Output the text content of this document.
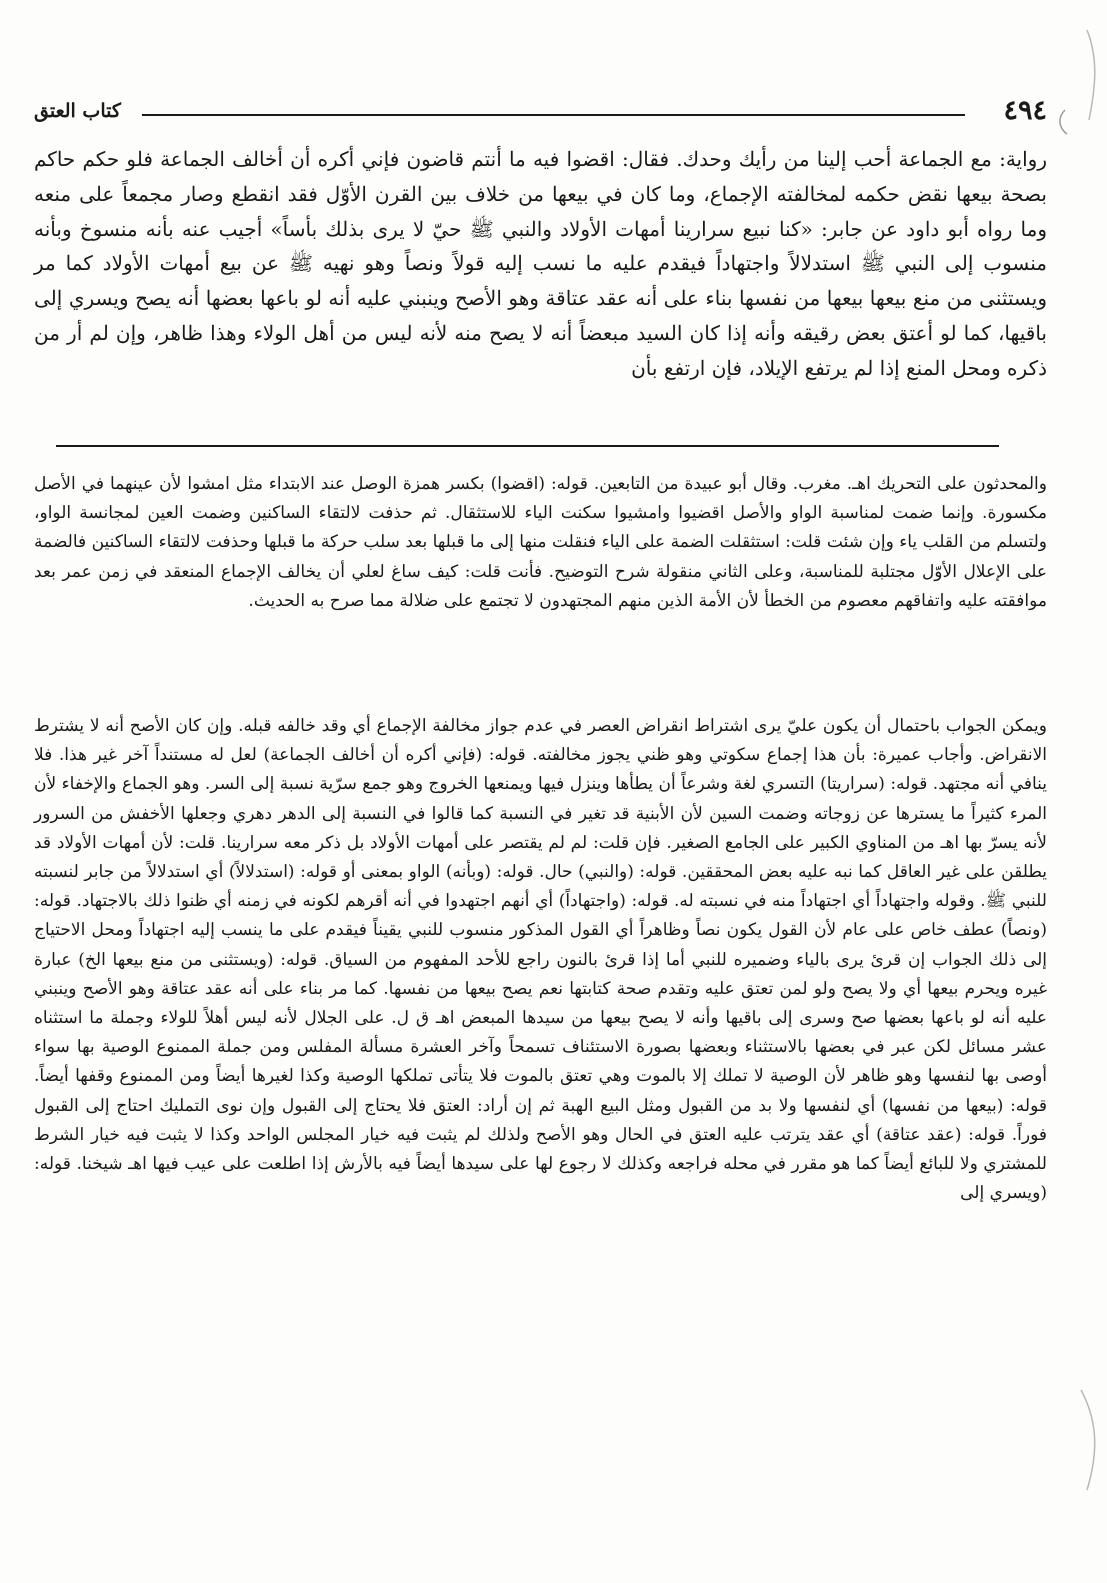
٤٩٤
كتاب العتق
رواية: مع الجماعة أحب إلينا من رأيك وحدك. فقال: اقضوا فيه ما أنتم قاضون فإني أكره أن أخالف الجماعة فلو حكم حاكم بصحة بيعها نقض حكمه لمخالفته الإجماع، وما كان في بيعها من خلاف بين القرن الأوّل فقد انقطع وصار مجمعاً على منعه وما رواه أبو داود عن جابر: «كنا نبيع سرارينا أمهات الأولاد والنبي ﷺ حيّ لا يرى بذلك بأساً» أجيب عنه بأنه منسوخ وبأنه منسوب إلى النبي ﷺ استدلالاً واجتهاداً فيقدم عليه ما نسب إليه قولاً ونصاً وهو نهيه ﷺ عن بيع أمهات الأولاد كما مر ويستثنى من منع بيعها بيعها من نفسها بناء على أنه عقد عتاقة وهو الأصح وينبني عليه أنه لو باعها بعضها أنه يصح ويسري إلى باقيها، كما لو أعتق بعض رقيقه وأنه إذا كان السيد مبعضاً أنه لا يصح منه لأنه ليس من أهل الولاء وهذا ظاهر، وإن لم أر من ذكره ومحل المنع إذا لم يرتفع الإيلاد، فإن ارتفع بأن

والمحدثون على التحريك اهـ. مغرب. وقال أبو عبيدة من التابعين. قوله: (اقضوا) بكسر همزة الوصل عند الابتداء مثل امشوا لأن عينهما في الأصل مكسورة. وإنما ضمت لمناسبة الواو والأصل اقضيوا وامشيوا سكنت الياء للاستثقال. ثم حذفت لالتقاء الساكنين وضمت العين لمجانسة الواو، ولتسلم من القلب ياء وإن شئت قلت: استثقلت الضمة على الياء فنقلت منها إلى ما قبلها بعد سلب حركة ما قبلها وحذفت لالتقاء الساكنين فالضمة على الإعلال الأوّل مجتلبة للمناسبة، وعلى الثاني منقولة شرح التوضيح. فأنت قلت: كيف ساغ لعلي أن يخالف الإجماع المنعقد في زمن عمر بعد موافقته عليه واتفاقهم معصوم من الخطأ لأن الأمة الذين منهم المجتهدون لا تجتمع على ضلالة مما صرح به الحديث.

ويمكن الجواب باحتمال أن يكون عليّ يرى اشتراط انقراض العصر في عدم جواز مخالفة الإجماع أي وقد خالفه قبله. وإن كان الأصح أنه لا يشترط الانقراض. وأجاب عميرة: بأن هذا إجماع سكوتي وهو ظني يجوز مخالفته. قوله: (فإني أكره أن أخالف الجماعة) لعل له مستنداً آخر غير هذا. فلا ينافي أنه مجتهد. قوله: (سراريتا) التسري لغة وشرعاً أن يطأها وينزل فيها ويمنعها الخروج وهو جمع سرّية نسبة إلى السر. وهو الجماع والإخفاء لأن المرء كثيراً ما يسترها عن زوجاته وضمت السين لأن الأبنية قد تغير في النسبة كما قالوا في النسبة إلى الدهر دهري وجعلها الأخفش من السرور لأنه يسرّ بها اهـ من المناوي الكبير على الجامع الصغير. فإن قلت: لم لم يقتصر على أمهات الأولاد بل ذكر معه سرارينا. قلت: لأن أمهات الأولاد قد يطلقن على غير العاقل كما نبه عليه بعض المحققين. قوله: (والنبي) حال. قوله: (وبأنه) الواو بمعنى أو قوله: (استدلالاً) أي استدلالاً من جابر لنسبته للنبي ﷺ. وقوله واجتهاداً أي اجتهاداً منه في نسبته له. قوله: (واجتهاداً) أي أنهم اجتهدوا في أنه أقرهم لكونه في زمنه أي ظنوا ذلك بالاجتهاد. قوله: (ونصاً) عطف خاص على عام لأن القول يكون نصاً وظاهراً أي القول المذكور منسوب للنبي يقيناً فيقدم على ما ينسب إليه اجتهاداً ومحل الاحتياج إلى ذلك الجواب إن قرئ يرى بالياء وضميره للنبي أما إذا قرئ بالنون راجع للأحد المفهوم من السياق. قوله: (ويستثنى من منع بيعها الخ) عبارة غيره ويحرم بيعها أي ولا يصح ولو لمن تعتق عليه وتقدم صحة كتابتها نعم يصح بيعها من نفسها. كما مر بناء على أنه عقد عتاقة وهو الأصح وينبني عليه أنه لو باعها بعضها صح وسرى إلى باقيها وأنه لا يصح بيعها من سيدها المبعض اهـ ق ل. على الجلال لأنه ليس أهلاً للولاء وجملة ما استثناه عشر مسائل لكن عبر في بعضها بالاستثناء وبعضها بصورة الاستئناف تسمحاً وآخر العشرة مسألة المفلس ومن جملة الممنوع الوصية بها سواء أوصى بها لنفسها وهو ظاهر لأن الوصية لا تملك إلا بالموت وهي تعتق بالموت فلا يتأتى تملكها الوصية وكذا لغيرها أيضاً ومن الممنوع وقفها أيضاً. قوله: (بيعها من نفسها) أي لنفسها ولا بد من القبول ومثل البيع الهبة ثم إن أراد: العتق فلا يحتاج إلى القبول وإن نوى التمليك احتاج إلى القبول فوراً. قوله: (عقد عتاقة) أي عقد يترتب عليه العتق في الحال وهو الأصح ولذلك لم يثبت فيه خيار المجلس الواحد وكذا لا يثبت فيه خيار الشرط للمشتري ولا للبائع أيضاً كما هو مقرر في محله فراجعه وكذلك لا رجوع لها على سيدها أيضاً فيه بالأرش إذا اطلعت على عيب فيها اهـ شيخنا. قوله: (ويسري إلى
